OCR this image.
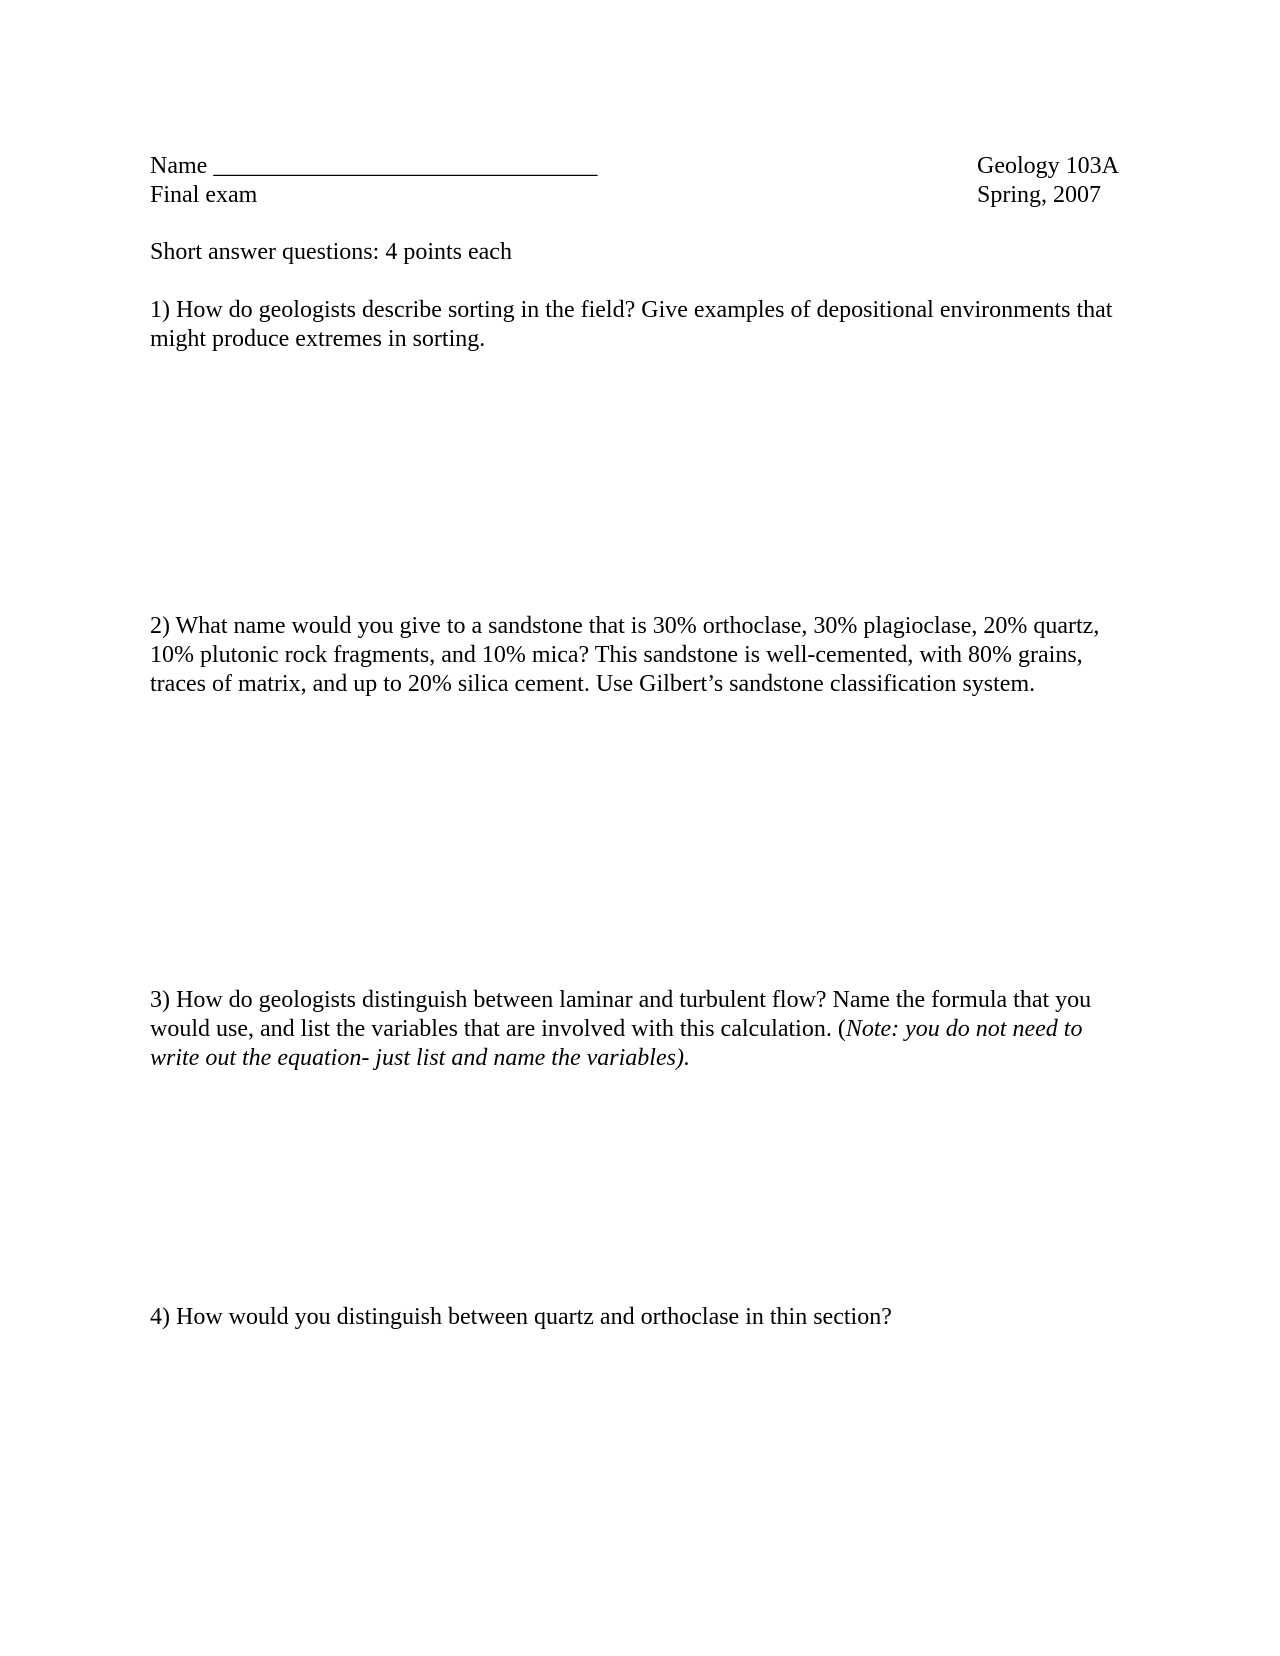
Name ________________________________	Geology 103A
Final exam	Spring, 2007
Short answer questions: 4 points each

1) How do geologists describe sorting in the field? Give examples of depositional environments that might produce extremes in sorting.

2) What name would you give to a sandstone that is 30% orthoclase, 30% plagioclase, 20% quartz, 10% plutonic rock fragments, and 10% mica? This sandstone is well-cemented, with 80% grains, traces of matrix, and up to 20% silica cement. Use Gilbert’s sandstone classification system.

3) How do geologists distinguish between laminar and turbulent flow? Name the formula that you would use, and list the variables that are involved with this calculation. (Note: you do not need to write out the equation- just list and name the variables).

4) How would you distinguish between quartz and orthoclase in thin section?
